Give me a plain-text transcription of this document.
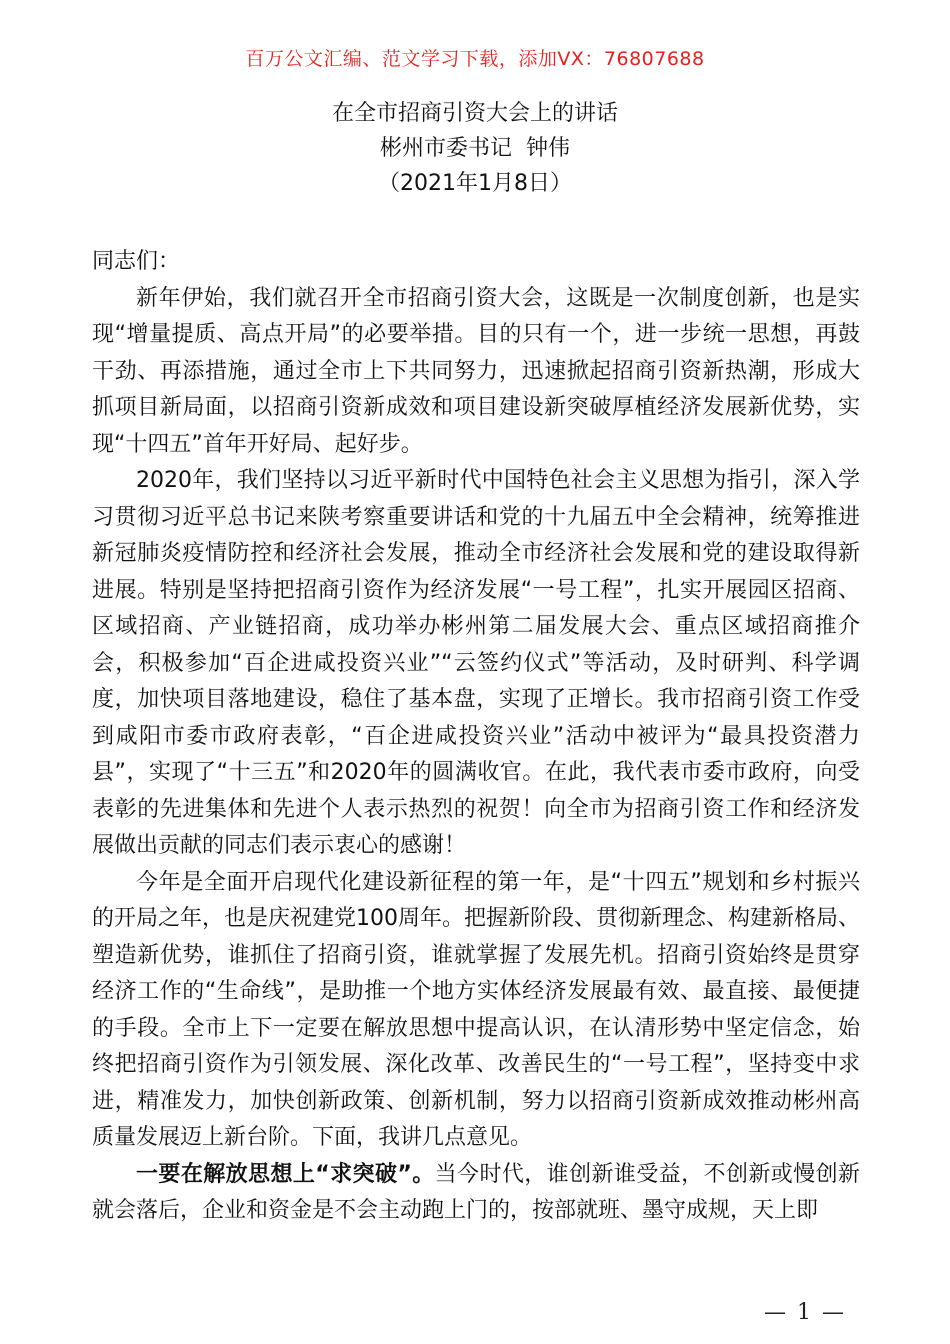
百万公文汇编、范文学习下载，添加VX：76807688
在全市招商引资大会上的讲话
彬州市委书记  钟伟
（2021年1月8日）

同志们：

新年伊始，我们就召开全市招商引资大会，这既是一次制度创新，也是实现“增量提质、高点开局”的必要举措。目的只有一个，进一步统一思想，再鼓干劲、再添措施，通过全市上下共同努力，迅速掀起招商引资新热潮，形成大抓项目新局面，以招商引资新成效和项目建设新突破厚植经济发展新优势，实现“十四五”首年开好局、起好步。

2020年，我们坚持以习近平新时代中国特色社会主义思想为指引，深入学习贯彻习近平总书记来陕考察重要讲话和党的十九届五中全会精神，统筹推进新冠肺炎疫情防控和经济社会发展，推动全市经济社会发展和党的建设取得新进展。特别是坚持把招商引资作为经济发展“一号工程”，扎实开展园区招商、区域招商、产业链招商，成功举办彬州第二届发展大会、重点区域招商推介会，积极参加“百企进咸投资兴业”“云签约仪式”等活动，及时研判、科学调度，加快项目落地建设，稳住了基本盘，实现了正增长。我市招商引资工作受到咸阳市委市政府表彰，“百企进咸投资兴业”活动中被评为“最具投资潜力县”，实现了“十三五”和2020年的圆满收官。在此，我代表市委市政府，向受表彰的先进集体和先进个人表示热烈的祝贺！向全市为招商引资工作和经济发展做出贡献的同志们表示衷心的感谢！

今年是全面开启现代化建设新征程的第一年，是“十四五”规划和乡村振兴的开局之年，也是庆祝建党100周年。把握新阶段、贯彻新理念、构建新格局、塑造新优势，谁抓住了招商引资，谁就掌握了发展先机。招商引资始终是贯穿经济工作的“生命线”，是助推一个地方实体经济发展最有效、最直接、最便捷的手段。全市上下一定要在解放思想中提高认识，在认清形势中坚定信念，始终把招商引资作为引领发展、深化改革、改善民生的“一号工程”，坚持变中求进，精准发力，加快创新政策、创新机制，努力以招商引资新成效推动彬州高质量发展迈上新台阶。下面，我讲几点意见。

一要在解放思想上“求突破”。当今时代，谁创新谁受益，不创新或慢创新就会落后，企业和资金是不会主动跑上门的，按部就班、墨守成规，天上即

— 1 —
